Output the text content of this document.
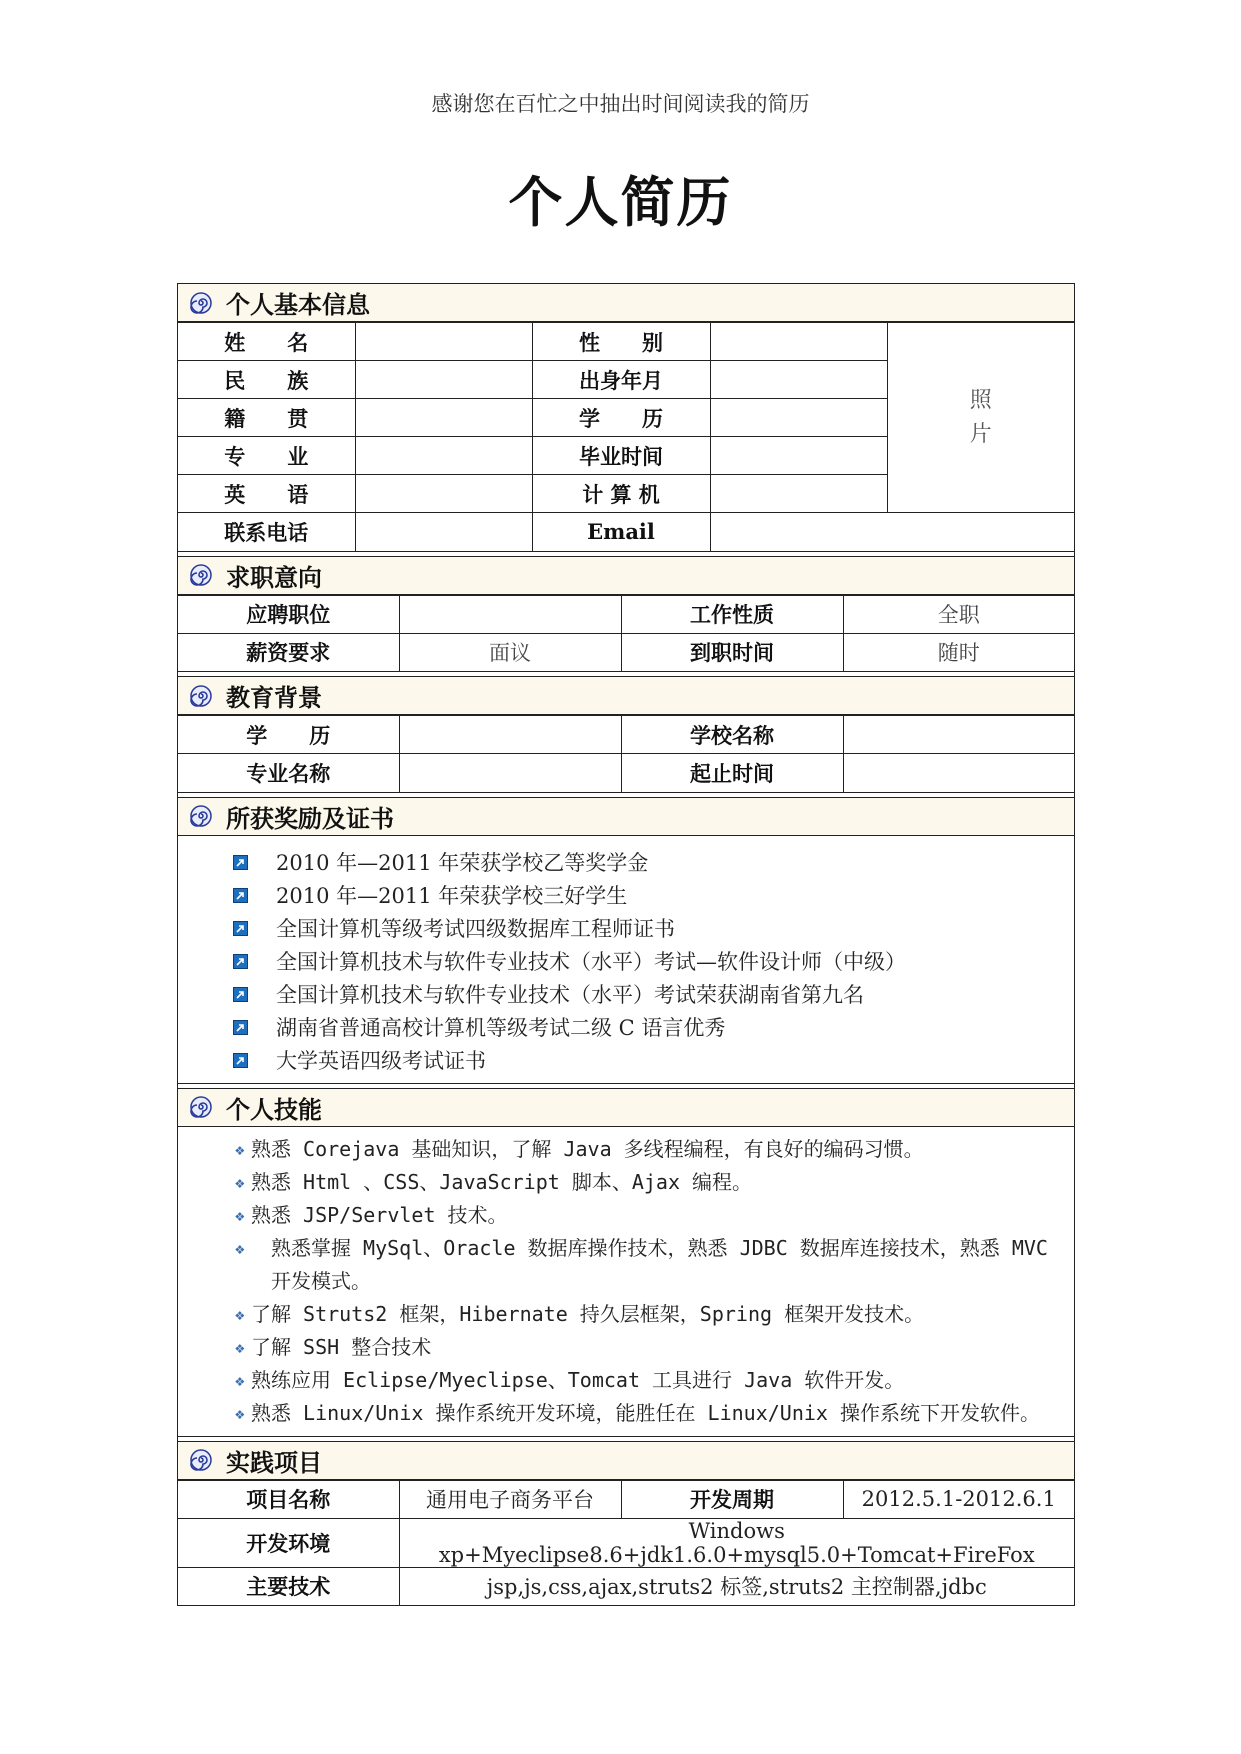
感谢您在百忙之中抽出时间阅读我的简历
个人简历
个人基本信息
姓　　名		性　　别		照
片

民　　族		出身年月		
籍　　贯		学　　历		
专　　业		毕业时间		
英　　语		计 算 机		
联系电话		Email		
求职意向
应聘职位		工作性质	全职
薪资要求	面议	到职时间	随时
教育背景
学　　历		学校名称	
专业名称		起止时间	
所获奖励及证书
2010 年—2011 年荣获学校乙等奖学金
2010 年—2011 年荣获学校三好学生
全国计算机等级考试四级数据库工程师证书
全国计算机技术与软件专业技术（水平）考试—软件设计师（中级）
全国计算机技术与软件专业技术（水平）考试荣获湖南省第九名
湖南省普通高校计算机等级考试二级 C 语言优秀
大学英语四级考试证书
个人技能
❖ 熟悉 Corejava 基础知识，了解 Java 多线程编程，有良好的编码习惯。
❖ 熟悉 Html 、CSS、JavaScript 脚本、Ajax 编程。
❖ 熟悉 JSP/Servlet 技术。
❖ 熟悉掌握 MySql、Oracle 数据库操作技术，熟悉 JDBC 数据库连接技术，熟悉 MVC 开发模式。
❖ 了解 Struts2 框架，Hibernate 持久层框架，Spring 框架开发技术。
❖ 了解 SSH 整合技术
❖ 熟练应用 Eclipse/Myeclipse、Tomcat 工具进行 Java 软件开发。
❖ 熟悉 Linux/Unix 操作系统开发环境，能胜任在 Linux/Unix 操作系统下开发软件。
实践项目
项目名称	通用电子商务平台	开发周期	2012.5.1-2012.6.1
开发环境	Windows xp+Myeclipse8.6+jdk1.6.0+mysql5.0+Tomcat+FireFox		
主要技术	jsp,js,css,ajax,struts2 标签,struts2 主控制器,jdbc		
